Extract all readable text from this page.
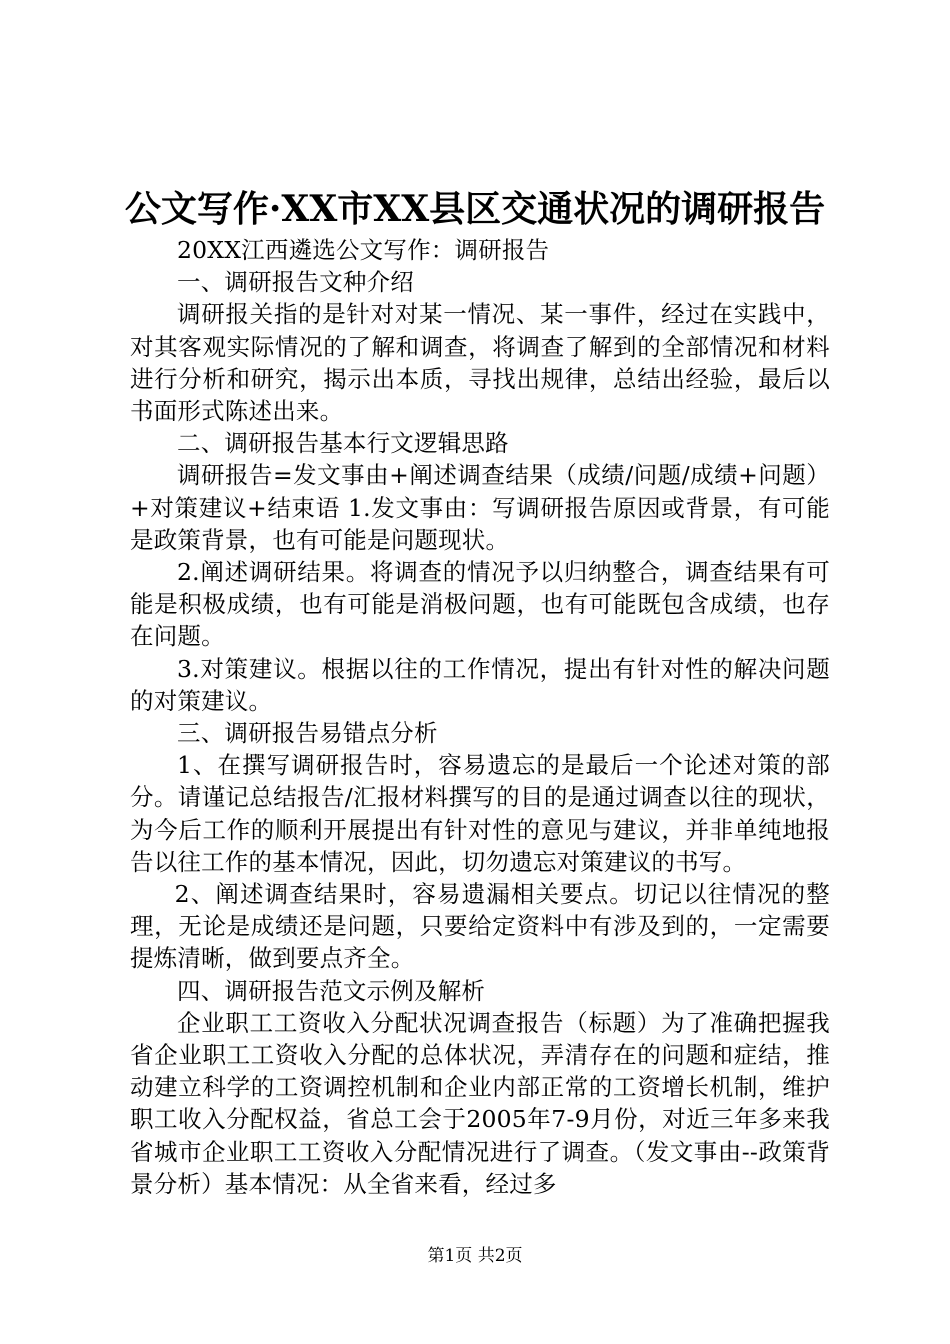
公文写作·XX市XX县区交通状况的调研报告

20XX江西遴选公文写作：调研报告

一、调研报告文种介绍

调研报关指的是针对对某一情况、某一事件，经过在实践中，对其客观实际情况的了解和调查，将调查了解到的全部情况和材料进行分析和研究，揭示出本质，寻找出规律，总结出经验，最后以书面形式陈述出来。

二、调研报告基本行文逻辑思路

调研报告=发文事由+阐述调查结果（成绩/问题/成绩+问题）+对策建议+结束语 1.发文事由：写调研报告原因或背景，有可能是政策背景，也有可能是问题现状。

2.阐述调研结果。将调查的情况予以归纳整合，调查结果有可能是积极成绩，也有可能是消极问题，也有可能既包含成绩，也存在问题。

3.对策建议。根据以往的工作情况，提出有针对性的解决问题的对策建议。

三、调研报告易错点分析

1、在撰写调研报告时，容易遗忘的是最后一个论述对策的部分。请谨记总结报告/汇报材料撰写的目的是通过调查以往的现状，为今后工作的顺利开展提出有针对性的意见与建议，并非单纯地报告以往工作的基本情况，因此，切勿遗忘对策建议的书写。

2、阐述调查结果时，容易遗漏相关要点。切记以往情况的整理，无论是成绩还是问题，只要给定资料中有涉及到的，一定需要提炼清晰，做到要点齐全。

四、调研报告范文示例及解析

企业职工工资收入分配状况调查报告（标题）为了准确把握我省企业职工工资收入分配的总体状况，弄清存在的问题和症结，推动建立科学的工资调控机制和企业内部正常的工资增长机制，维护职工收入分配权益，省总工会于2005年7-9月份，对近三年多来我省城市企业职工工资收入分配情况进行了调查。（发文事由--政策背景分析）基本情况：从全省来看，经过多

第1页 共2页
